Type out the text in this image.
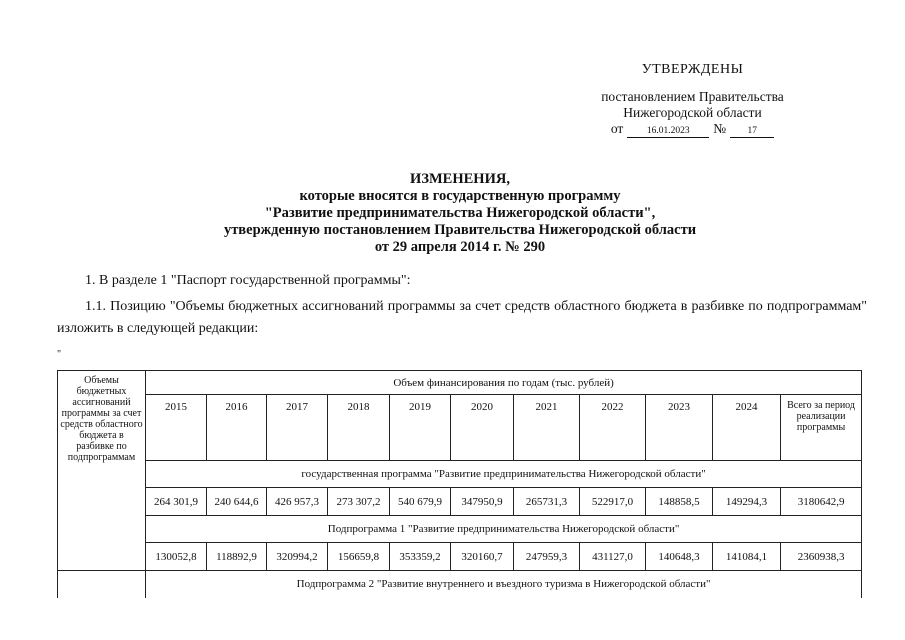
УТВЕРЖДЕНЫ
постановлением Правительства
Нижегородской области
от	16.01.2023	№	17
ИЗМЕНЕНИЯ,
которые вносятся в государственную программу
"Развитие предпринимательства Нижегородской области",
утвержденную постановлением Правительства Нижегородской области
от 29 апреля 2014 г. № 290
1. В разделе 1 "Паспорт государственной программы":
1.1. Позицию "Объемы бюджетных ассигнований программы за счет средств областного бюджета в разбивке по подпрограммам" изложить в следующей редакции:
"
Объемы бюджетных ассигнований программы за счет средств областного бюджета в разбивке по подпрограммам	Объем финансирования по годам (тыс. рублей)										
	2015	2016	2017	2018	2019	2020	2021	2022	2023	2024	Всего за период реализации программы
	государственная программа "Развитие предпринимательства Нижегородской области"										
	264 301,9	240 644,6	426 957,3	273 307,2	540 679,9	347950,9	265731,3	522917,0	148858,5	149294,3	3180642,9
	Подпрограмма 1 "Развитие предпринимательства Нижегородской области"										
	130052,8	118892,9	320994,2	156659,8	353359,2	320160,7	247959,3	431127,0	140648,3	141084,1	2360938,3
	Подпрограмма 2 "Развитие внутреннего и въездного туризма в Нижегородской области"										
